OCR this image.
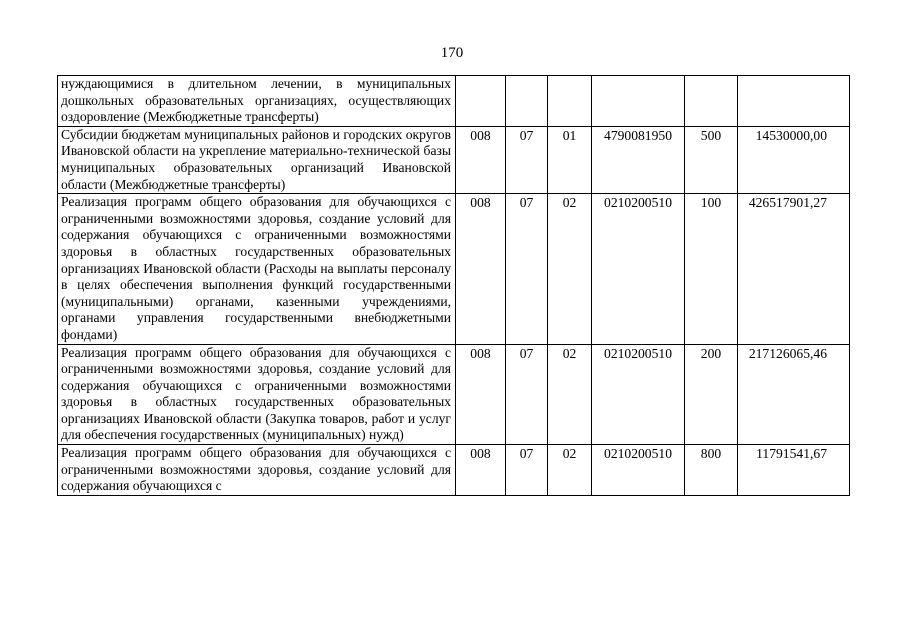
170
нуждающимися в длительном лечении, в муниципальных дошкольных образовательных организациях, осуществляющих оздоровление (Межбюджетные трансферты)						
Субсидии бюджетам муниципальных районов и городских округов Ивановской области на укрепление материально-технической базы муниципальных образовательных организаций Ивановской области (Межбюджетные трансферты)	008	07	01	4790081950	500	14530000,00
Реализация программ общего образования для обучающихся с ограниченными возможностями здоровья, создание условий для содержания обучающихся с ограниченными возможностями здоровья в областных государственных образовательных организациях Ивановской области (Расходы на выплаты персоналу в целях обеспечения выполнения функций государственными (муниципальными) органами, казенными учреждениями, органами управления государственными внебюджетными фондами)	008	07	02	0210200510	100	426517901,27
Реализация программ общего образования для обучающихся с ограниченными возможностями здоровья, создание условий для содержания обучающихся с ограниченными возможностями здоровья в областных государственных образовательных организациях Ивановской области (Закупка товаров, работ и услуг для обеспечения государственных (муниципальных) нужд)	008	07	02	0210200510	200	217126065,46
Реализация программ общего образования для обучающихся с ограниченными возможностями здоровья, создание условий для содержания обучающихся с	008	07	02	0210200510	800	11791541,67
